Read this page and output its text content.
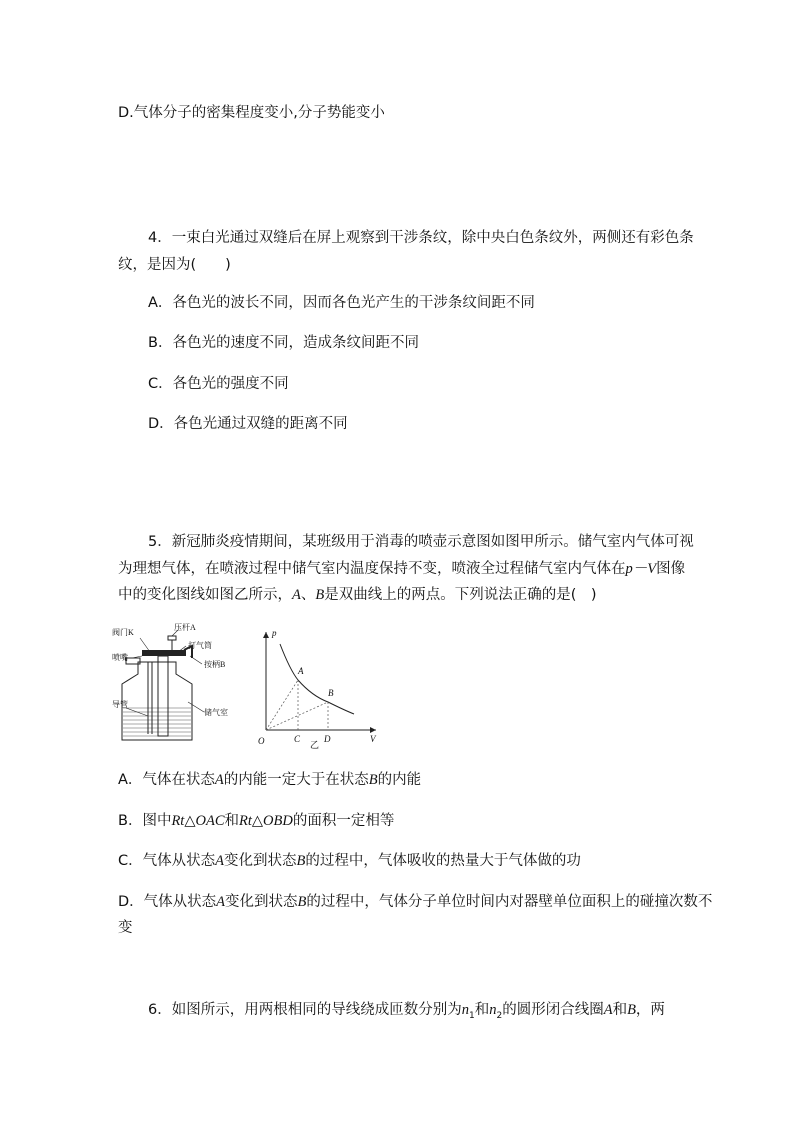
D.气体分子的密集程度变小,分子势能变小
4．一束白光通过双缝后在屏上观察到干涉条纹，除中央白色条纹外，两侧还有彩色条
纹，是因为(　　)
A．各色光的波长不同，因而各色光产生的干涉条纹间距不同
B．各色光的速度不同，造成条纹间距不同
C．各色光的强度不同
D．各色光通过双缝的距离不同
5．新冠肺炎疫情期间，某班级用于消毒的喷壶示意图如图甲所示。储气室内气体可视
为理想气体，在喷液过程中储气室内温度保持不变，喷液全过程储气室内气体在p－V图像
中的变化图线如图乙所示，A、B是双曲线上的两点。下列说法正确的是(　)
阀门K
压杆A
打气筒
喷嘴
按柄B
导管
储气室
O
p
V
A
B
C	D
乙
A．气体在状态A的内能一定大于在状态B的内能
B．图中Rt△OAC和Rt△OBD的面积一定相等
C．气体从状态A变化到状态B的过程中，气体吸收的热量大于气体做的功
D．气体从状态A变化到状态B的过程中，气体分子单位时间内对器壁单位面积上的碰撞次数不
变
6．如图所示，用两根相同的导线绕成匝数分别为$n_1$和$n_2$的圆形闭合线圈A和B，两
